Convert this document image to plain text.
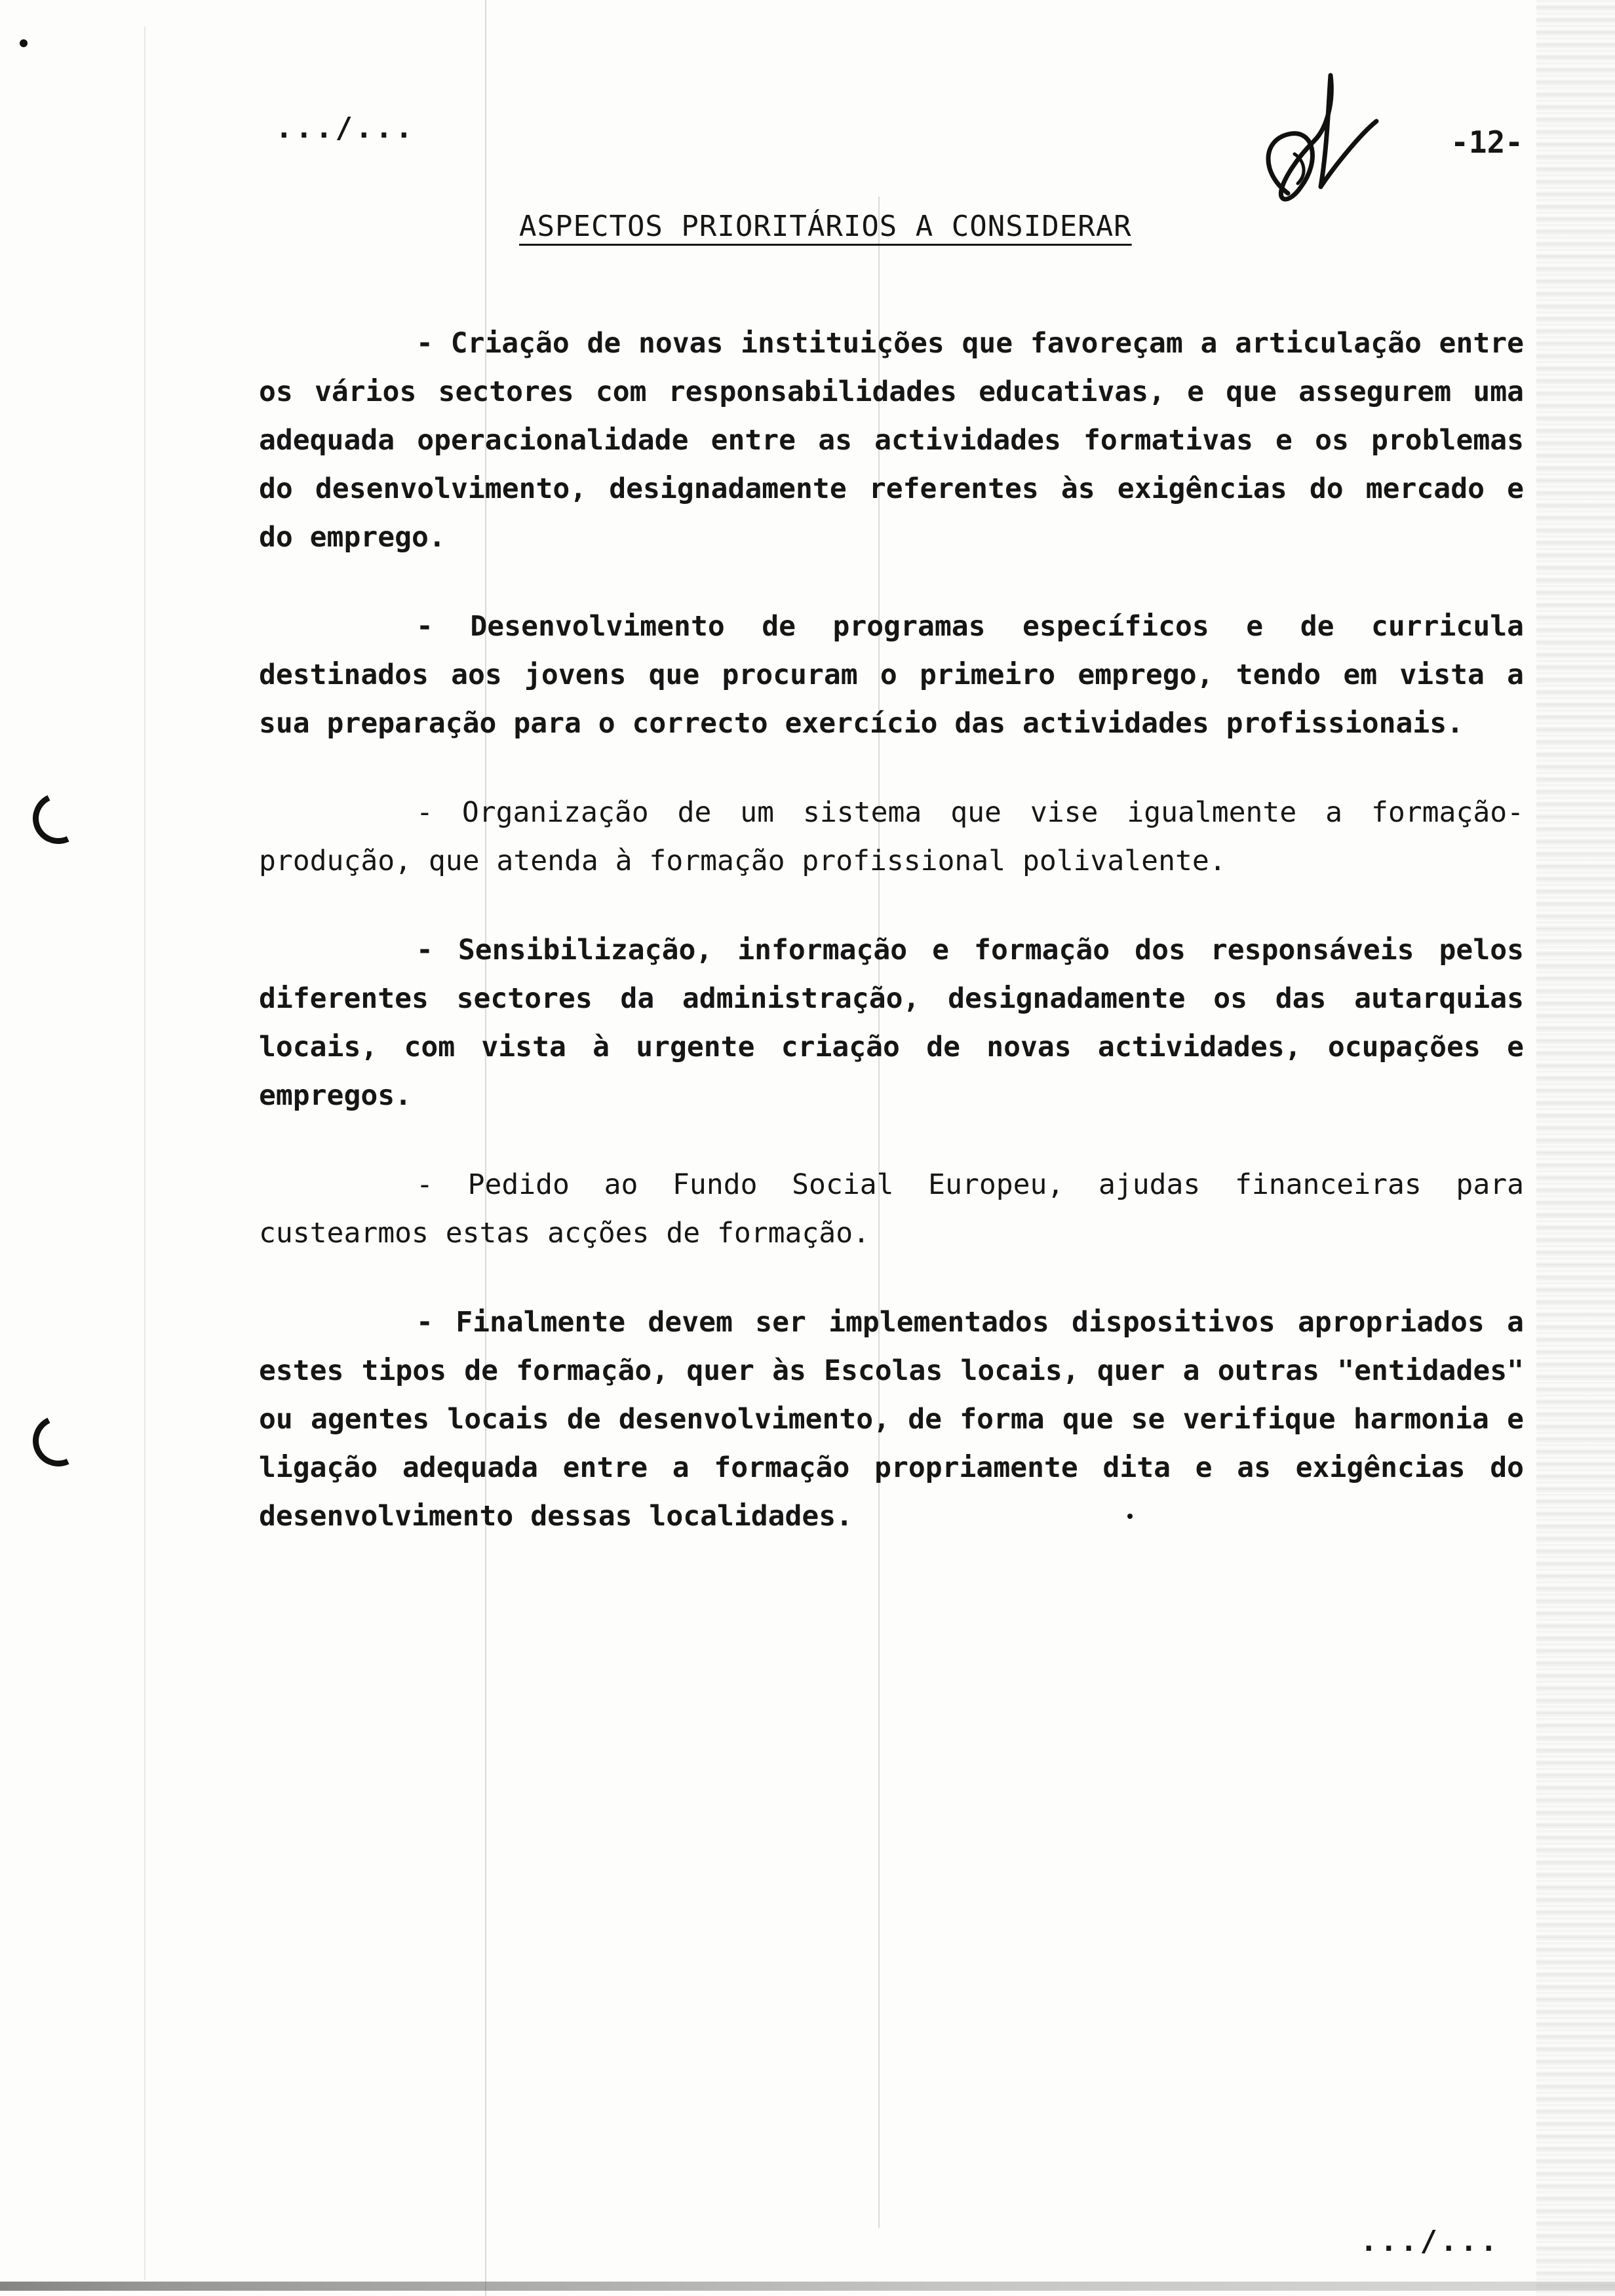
.../...	-12-
ASPECTOS PRIORITÁRIOS A CONSIDERAR

- Criação de novas instituições que favoreçam a articulação entre os vários sectores com responsabilidades educativas, e que assegurem uma adequada operacionalidade entre as actividades formativas e os problemas do desenvolvimento, designadamente referentes às exigências do mercado e do emprego.

- Desenvolvimento de programas específicos e de curricula destinados aos jovens que procuram o primeiro emprego, tendo em vista a sua preparação para o correcto exercício das actividades profissionais.

- Organização de um sistema que vise igualmente a formação-produção, que atenda à formação profissional polivalente.

- Sensibilização, informação e formação dos responsáveis pelos diferentes sectores da administração, designadamente os das autarquias locais, com vista à urgente criação de novas actividades, ocupações e empregos.

- Pedido ao Fundo Social Europeu, ajudas financeiras para custearmos estas acções de formação.

- Finalmente devem ser implementados dispositivos apropriados a estes tipos de formação, quer às Escolas locais, quer a outras "entidades" ou agentes locais de desenvolvimento, de forma que se verifique harmonia e ligação adequada entre a formação propriamente dita e as exigências do desenvolvimento dessas localidades.

.../...
